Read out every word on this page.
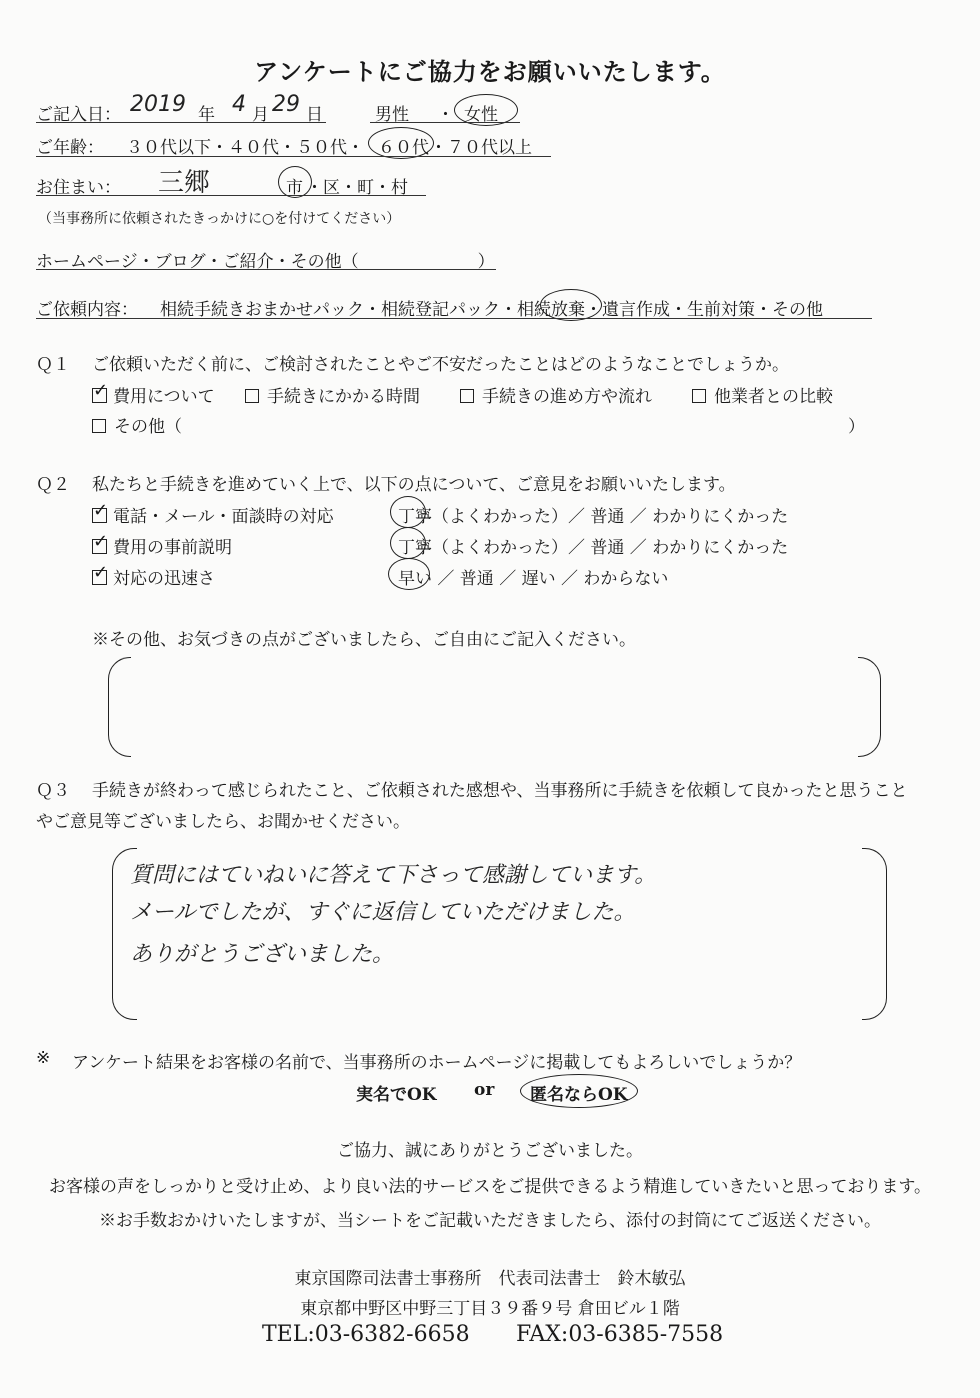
アンケートにご協力をお願いいたします。
ご記入日： 2019 年 4 月 29 日	男性 ・ 女性
ご年齢： ３０代以下・４０代・５０代・ ６０代 ・７０代以上
お住まい： 三郷	市 ・区・町・村
（当事務所に依頼されたきっかけに○を付けてください）
ホームページ・ブログ・ご紹介・その他（　　　　　　　）
ご依頼内容： 相続手続きおまかせパック・相続登記パック・相続放棄・遺言作成・生前対策・その他
Ｑ１ ご依頼いただく前に、ご検討されたことやご不安だったことはどのようなことでしょうか。
✓費用について	手続きにかかる時間	手続きの進め方や流れ	他業者との比較
その他（	）
Ｑ２ 私たちと手続きを進めていく上で、以下の点について、ご意見をお願いいたします。
✓電話・メール・面談時の対応	丁寧（よくわかった）／ 普通 ／ わかりにくかった
✓費用の事前説明	丁寧（よくわかった）／ 普通 ／ わかりにくかった
✓対応の迅速さ	早い ／ 普通 ／ 遅い ／ わからない
※その他、お気づきの点がございましたら、ご自由にご記入ください。
Ｑ３ 手続きが終わって感じられたこと、ご依頼された感想や、当事務所に手続きを依頼して良かったと思うこと
やご意見等ございましたら、お聞かせください。
質問にはていねいに答えて下さって感謝しています。
メールでしたが、すぐに返信していただけました。
ありがとうございました。
※ アンケート結果をお客様の名前で、当事務所のホームページに掲載してもよろしいでしょうか？
実名でOK or 匿名ならOK
ご協力、誠にありがとうございました。
お客様の声をしっかりと受け止め、より良い法的サービスをご提供できるよう精進していきたいと思っております。
※お手数おかけいたしますが、当シートをご記載いただきましたら、添付の封筒にてご返送ください。
東京国際司法書士事務所　代表司法書士　鈴木敏弘
東京都中野区中野三丁目３９番９号 倉田ビル１階
TEL:03-6382-6658 FAX:03-6385-7558
